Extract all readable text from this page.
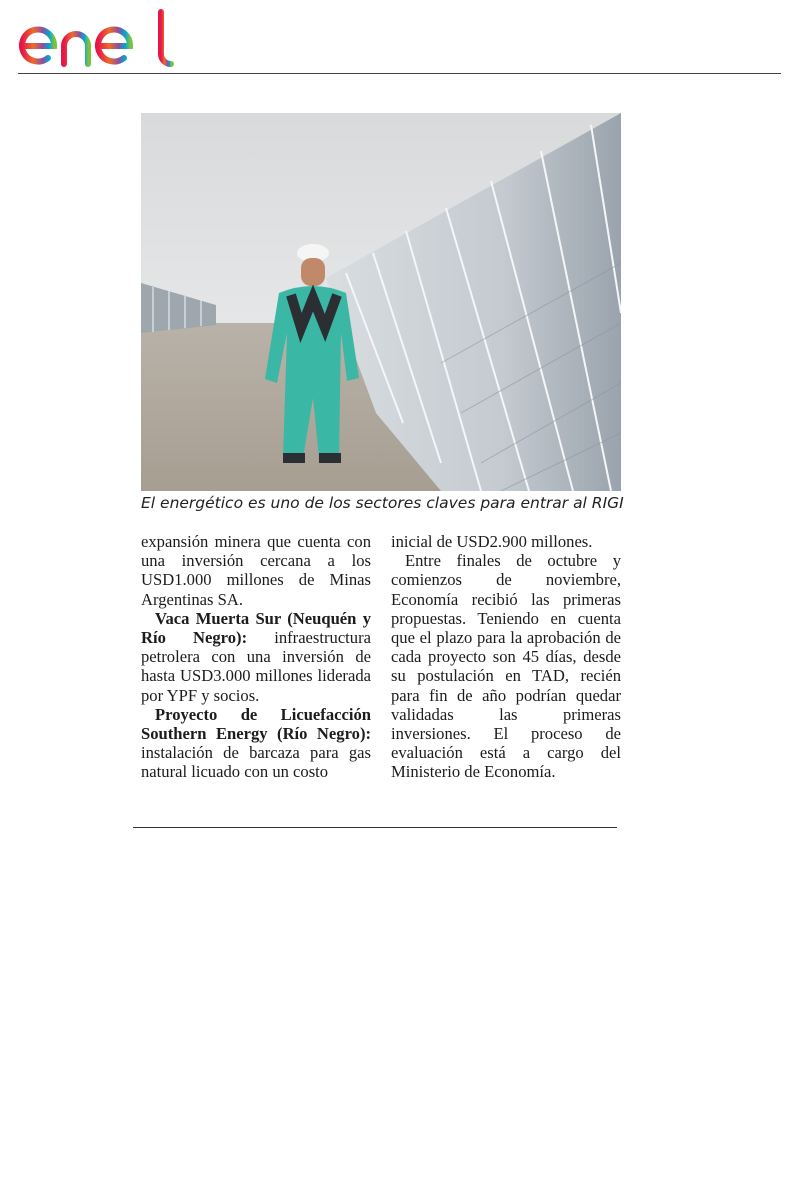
enel
El energético es uno de los sectores claves para entrar al RIGI

expansión minera que cuenta con una inversión cercana a los USD1.000 millones de Minas Argentinas SA.

Vaca Muerta Sur (Neuquén y Río Negro): infraestructura petrolera con una inversión de hasta USD3.000 millones liderada por YPF y socios.

Proyecto de Licuefacción Southern Energy (Río Negro): instalación de barcaza para gas natural licuado con un costo

inicial de USD2.900 millones.

Entre finales de octubre y comienzos de noviembre, Economía recibió las primeras propuestas. Teniendo en cuenta que el plazo para la aprobación de cada proyecto son 45 días, desde su postulación en TAD, recién para fin de año podrían quedar validadas las primeras inversiones. El proceso de evaluación está a cargo del Ministerio de Economía.
